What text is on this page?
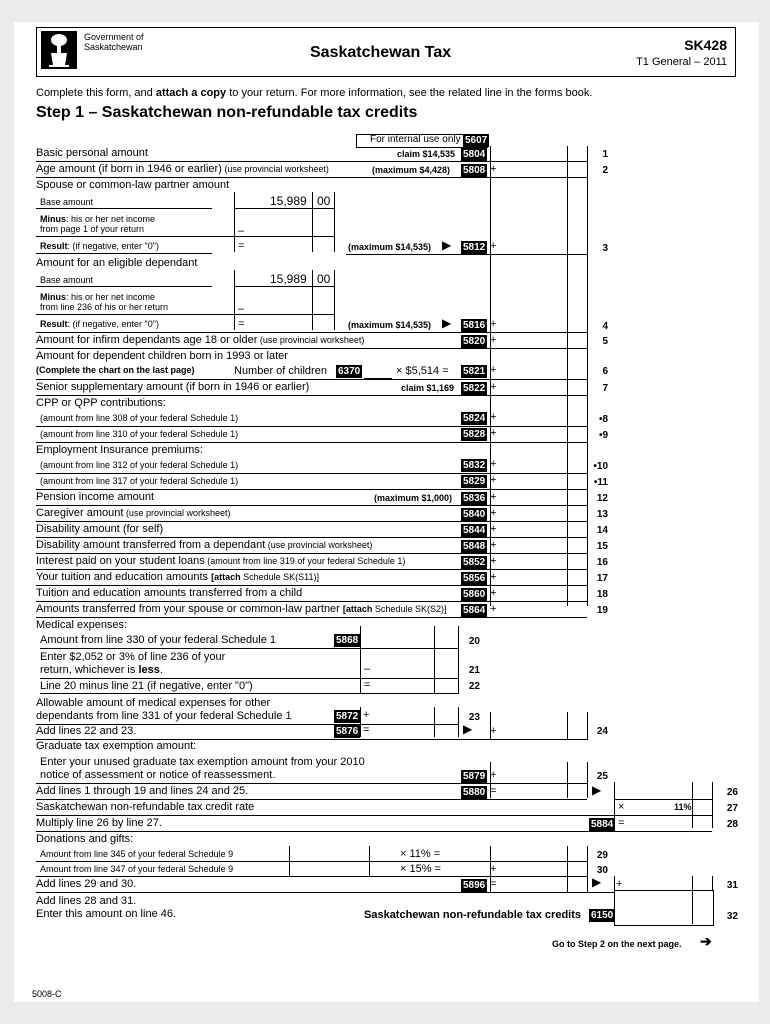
Government of
Saskatchewan	Saskatchewan Tax	SK428
T1 General – 2011
Complete this form, and attach a copy to your return. For more information, see the related line in the forms book.
Step 1 – Saskatchewan non-refundable tax credits
For internal use only 5607
Basic personal amount	claim $14,535 5804	1
Age amount (if born in 1946 or earlier) (use provincial worksheet)	(maximum $4,428) 5808 +	2
Spouse or common-law partner amount
Base amount	15,989 00
Minus: his or her net income
from page 1 of your return	–
Result: (if negative, enter "0")	=	(maximum $14,535) ▶ 5812 +	3
Amount for an eligible dependant
Base amount	15,989 00
Minus: his or her net income
from line 236 of his or her return	–
Result: (if negative, enter "0")	=	(maximum $14,535) ▶ 5816 +	4
Amount for infirm dependants age 18 or older (use provincial worksheet)	5820 +	5
Amount for dependent children born in 1993 or later
(Complete the chart on the last page)	Number of children 6370	× $5,514 = 5821 +	6
Senior supplementary amount (if born in 1946 or earlier)	claim $1,169 5822 +	7
CPP or QPP contributions:
(amount from line 308 of your federal Schedule 1)	5824 +	•8
(amount from line 310 of your federal Schedule 1)	5828 +	•9
Employment Insurance premiums:
(amount from line 312 of your federal Schedule 1)	5832 +	•10
(amount from line 317 of your federal Schedule 1)	5829 +	•11
Pension income amount	(maximum $1,000) 5836 +	12
Caregiver amount (use provincial worksheet)	5840 +	13
Disability amount (for self)	5844 +	14
Disability amount transferred from a dependant (use provincial worksheet)	5848 +	15
Interest paid on your student loans (amount from line 319 of your federal Schedule 1)	5852 +	16
Your tuition and education amounts [attach Schedule SK(S11)]	5856 +	17
Tuition and education amounts transferred from a child	5860 +	18
Amounts transferred from your spouse or common-law partner [attach Schedule SK(S2)] 5864 +	19
Medical expenses:
Amount from line 330 of your federal Schedule 1	5868	20
Enter $2,052 or 3% of line 236 of your
return, whichever is less.	–	21
Line 20 minus line 21 (if negative, enter "0")	=	22
Allowable amount of medical expenses for other
dependants from line 331 of your federal Schedule 1	5872 +	23
Add lines 22 and 23.	5876 =	▶ +	24
Graduate tax exemption amount:
Enter your unused graduate tax exemption amount from your 2010
notice of assessment or notice of reassessment.	5879 +	25
Add lines 1 through 19 and lines 24 and 25.	5880 =	▶	26
Saskatchewan non-refundable tax credit rate	×	11%	27
Multiply line 26 by line 27.	5884 =	28
Donations and gifts:
Amount from line 345 of your federal Schedule 9	× 11% =	29
Amount from line 347 of your federal Schedule 9	× 15% =	+	30
Add lines 29 and 30.	5896 =	▶ +	31
Add lines 28 and 31.
Enter this amount on line 46.	Saskatchewan non-refundable tax credits 6150	32
Go to Step 2 on the next page. ➔
5008-C
